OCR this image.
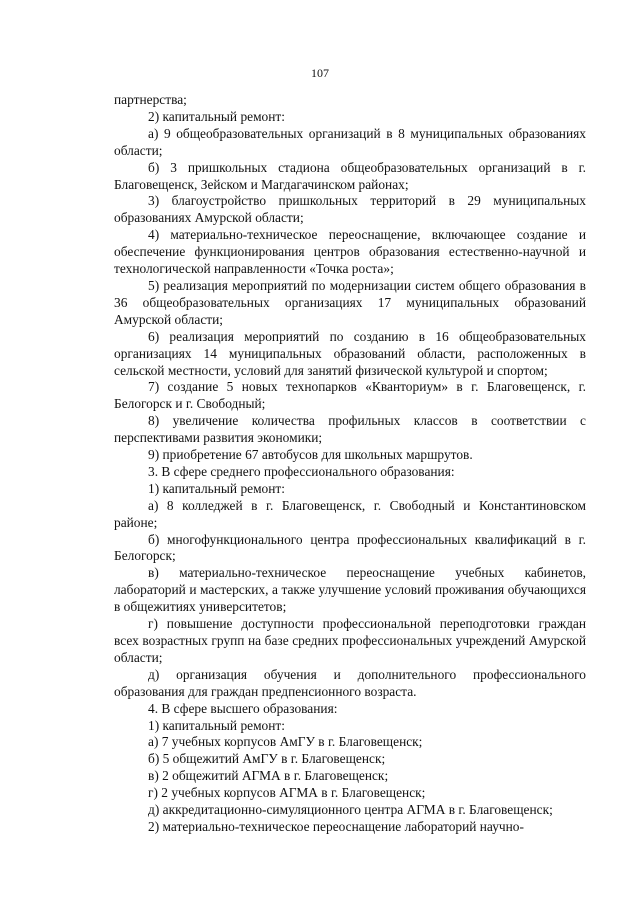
107

партнерства;

2) капитальный ремонт:

а) 9 общеобразовательных организаций в 8 муниципальных образованиях области;

б) 3 пришкольных стадиона общеобразовательных организаций в г. Благовещенск, Зейском и Магдагачинском районах;

3) благоустройство пришкольных территорий в 29 муниципальных образованиях Амурской области;

4) материально-техническое переоснащение, включающее создание и обеспечение функционирования центров образования естественно-научной и технологической направленности «Точка роста»;

5) реализация мероприятий по модернизации систем общего образования в 36 общеобразовательных организациях 17 муниципальных образований Амурской области;

6) реализация мероприятий по созданию в 16 общеобразовательных организациях 14 муниципальных образований области, расположенных в сельской местности, условий для занятий физической культурой и спортом;

7) создание 5 новых технопарков «Кванториум» в г. Благовещенск, г. Белогорск и г. Свободный;

8) увеличение количества профильных классов в соответствии с перспективами развития экономики;

9) приобретение 67 автобусов для школьных маршрутов.

3. В сфере среднего профессионального образования:

1) капитальный ремонт:

а) 8 колледжей в г. Благовещенск, г. Свободный и Константиновском районе;

б) многофункционального центра профессиональных квалификаций в г. Белогорск;

в) материально-техническое переоснащение учебных кабинетов, лабораторий и мастерских, а также улучшение условий проживания обучающихся в общежитиях университетов;

г) повышение доступности профессиональной переподготовки граждан всех возрастных групп на базе средних профессиональных учреждений Амурской области;

д) организация обучения и дополнительного профессионального образования для граждан предпенсионного возраста.

4. В сфере высшего образования:

1) капитальный ремонт:

а) 7 учебных корпусов АмГУ в г. Благовещенск;

б) 5 общежитий АмГУ в г. Благовещенск;

в) 2 общежитий АГМА в г. Благовещенск;

г) 2 учебных корпусов АГМА в г. Благовещенск;

д) аккредитационно-симуляционного центра АГМА в г. Благовещенск;

2) материально-техническое переоснащение лабораторий научно-
